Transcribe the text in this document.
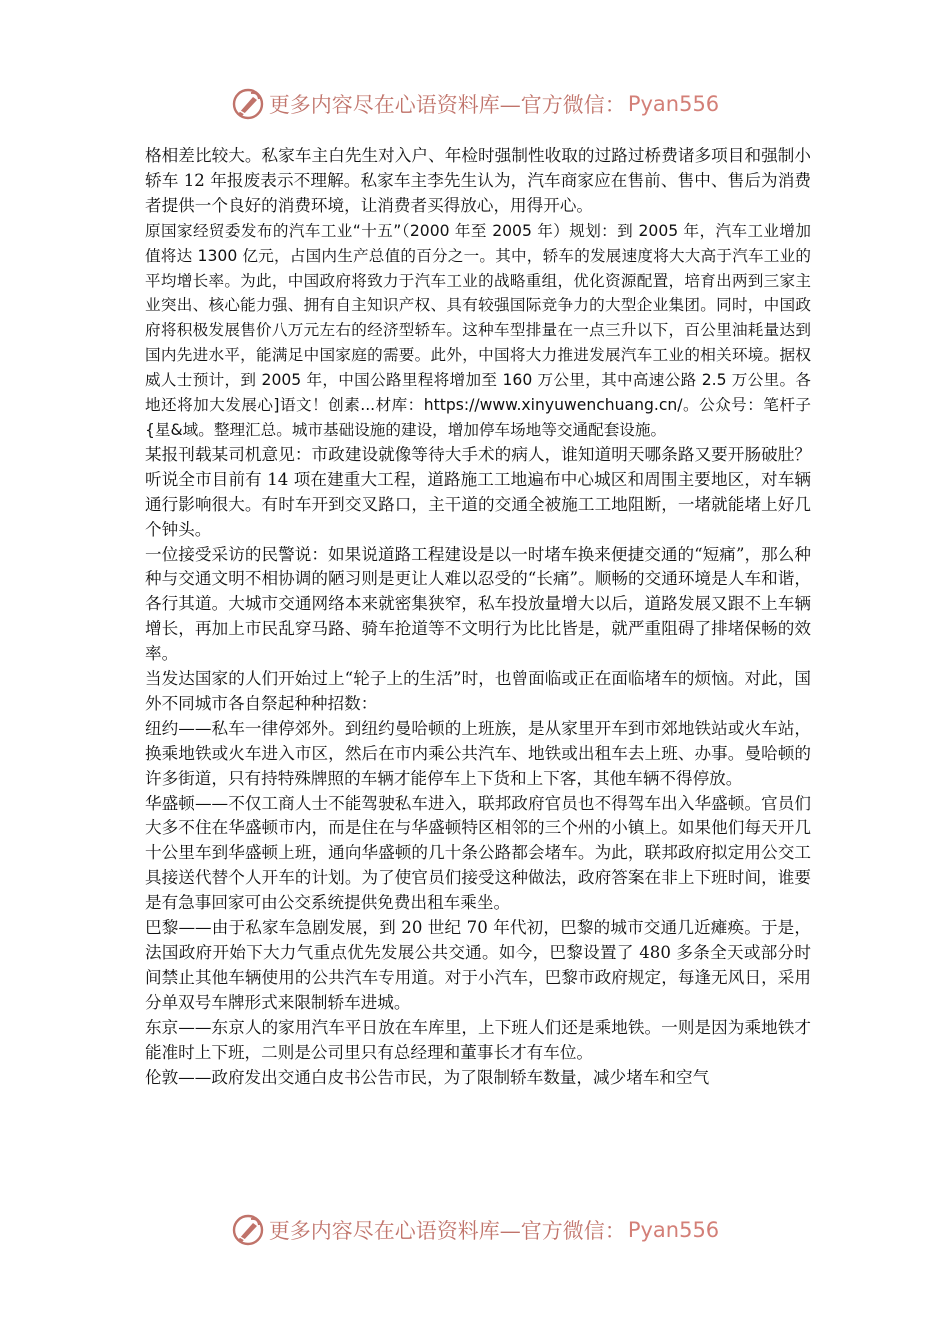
更多内容尽在心语资料库—官方微信： Pyan556

格相差比较大。私家车主白先生对入户、年检时强制性收取的过路过桥费诸多项目和强制小轿车 12 年报废表示不理解。私家车主李先生认为，汽车商家应在售前、售中、售后为消费者提供一个良好的消费环境，让消费者买得放心，用得开心。

原国家经贸委发布的汽车工业“十五”（2000 年至 2005 年）规划：到 2005 年，汽车工业增加值将达 1300 亿元，占国内生产总值的百分之一。其中，轿车的发展速度将大大高于汽车工业的平均增长率。为此，中国政府将致力于汽车工业的战略重组，优化资源配置，培育出两到三家主业突出、核心能力强、拥有自主知识产权、具有较强国际竞争力的大型企业集团。同时，中国政府将积极发展售价八万元左右的经济型轿车。这种车型排量在一点三升以下，百公里油耗量达到国内先进水平，能满足中国家庭的需要。此外，中国将大力推进发展汽车工业的相关环境。据权威人士预计，到 2005 年，中国公路里程将增加至 160 万公里，其中高速公路 2.5 万公里。各地还将加大发展心]语文！创素...材库：https://www.xinyuwenchuang.cn/。公众号：笔杆子{星&域。整理汇总。城市基础设施的建设，增加停车场地等交通配套设施。

某报刊载某司机意见：市政建设就像等待大手术的病人，谁知道明天哪条路又要开肠破肚？听说全市目前有 14 项在建重大工程，道路施工工地遍布中心城区和周围主要地区，对车辆通行影响很大。有时车开到交叉路口，主干道的交通全被施工工地阻断，一堵就能堵上好几个钟头。

一位接受采访的民警说：如果说道路工程建设是以一时堵车换来便捷交通的“短痛”，那么种种与交通文明不相协调的陋习则是更让人难以忍受的“长痛”。顺畅的交通环境是人车和谐，各行其道。大城市交通网络本来就密集狭窄，私车投放量增大以后，道路发展又跟不上车辆增长，再加上市民乱穿马路、骑车抢道等不文明行为比比皆是，就严重阻碍了排堵保畅的效率。

当发达国家的人们开始过上“轮子上的生活”时，也曾面临或正在面临堵车的烦恼。对此，国外不同城市各自祭起种种招数：

纽约——私车一律停郊外。到纽约曼哈顿的上班族，是从家里开车到市郊地铁站或火车站，换乘地铁或火车进入市区，然后在市内乘公共汽车、地铁或出租车去上班、办事。曼哈顿的许多街道，只有持特殊牌照的车辆才能停车上下货和上下客，其他车辆不得停放。

华盛顿——不仅工商人士不能驾驶私车进入，联邦政府官员也不得驾车出入华盛顿。官员们大多不住在华盛顿市内，而是住在与华盛顿特区相邻的三个州的小镇上。如果他们每天开几十公里车到华盛顿上班，通向华盛顿的几十条公路都会堵车。为此，联邦政府拟定用公交工具接送代替个人开车的计划。为了使官员们接受这种做法，政府答案在非上下班时间，谁要是有急事回家可由公交系统提供免费出租车乘坐。

巴黎——由于私家车急剧发展，到 20 世纪 70 年代初，巴黎的城市交通几近瘫痪。于是，法国政府开始下大力气重点优先发展公共交通。如今，巴黎设置了 480 多条全天或部分时间禁止其他车辆使用的公共汽车专用道。对于小汽车，巴黎市政府规定，每逢无风日，采用分单双号车牌形式来限制轿车进城。

东京——东京人的家用汽车平日放在车库里，上下班人们还是乘地铁。一则是因为乘地铁才能准时上下班，二则是公司里只有总经理和董事长才有车位。

伦敦——政府发出交通白皮书公告市民，为了限制轿车数量，减少堵车和空气

更多内容尽在心语资料库—官方微信： Pyan556
